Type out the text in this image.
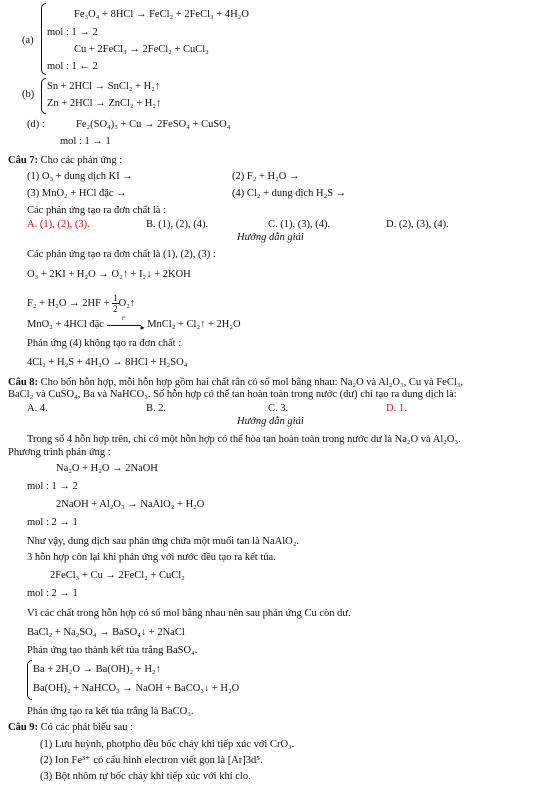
(a)
Fe₃O₄ + 8HCl → FeCl₂ + 2FeCl₃ + 4H₂O
mol : 1 → 2
Cu + 2FeCl₃ → 2FeCl₂ + CuCl₂
mol : 1 ← 2
(b)
Sn + 2HCl → SnCl₂ + H₂↑
Zn + 2HCl → ZnCl₂ + H₂↑
(d) :	Fe₂(SO₄)₃ + Cu → 2FeSO₄ + CuSO₄
mol : 1 → 1
Câu 7: Cho các phản ứng :
(1) O₃ + dung dịch KI →	(2) F₂ + H₂O →
(3) MnO₂ + HCl đặc →	(4) Cl₂ + dung dịch H₂S →
Các phản ứng tạo ra đơn chất là :
A. (1), (2), (3).	B. (1), (2), (4).	C. (1), (3), (4).	D. (2), (3), (4).
Hướng dẫn giải
Các phản ứng tạo ra đơn chất là (1), (2), (3) :
O₃ + 2KI + H₂O → O₂↑ + I₂↓ + 2KOH
$F_2 + H_2O \to 2HF + \frac{1}{2}$ O₂↑
MnO₂ + 4HCl đặc	▸
t°
MnCl₂ + Cl₂↑ + 2H₂O
Phản ứng (4) không tạo ra đơn chất :
4Cl₂ + H₂S + 4H₂O → 8HCl + H₂SO₄
Câu 8: Cho bốn hỗn hợp, mỗi hỗn hợp gồm hai chất rắn có số mol bằng nhau: Na₂O và Al₂O₃, Cu và FeCl₃,
BaCl₂ và CuSO₄, Ba và NaHCO₃. Số hỗn hợp có thể tan hoàn toàn trong nước (dư) chỉ tạo ra dung dịch là:
A. 4.	B. 2.	C. 3.	D. 1.
Hướng dẫn giải
Trong số 4 hỗn hợp trên, chỉ có một hỗn hợp có thể hòa tan hoàn toàn trong nước dư là Na₂O và Al₂O₃.
Phương trình phản ứng :
Na₂O + H₂O → 2NaOH
mol : 1 → 2
2NaOH + Al₂O₃ → NaAlO₂ + H₂O
mol : 2 → 1
Như vậy, dung dịch sau phản ứng chứa một muối tan là NaAlO₂.
3 hỗn hợp còn lại khi phản ứng với nước đều tạo ra kết tủa.
2FeCl₃ + Cu → 2FeCl₂ + CuCl₂
mol : 2 → 1
Vì các chất trong hỗn hợp có số mol bằng nhau nên sau phản ứng Cu còn dư.
BaCl₂ + Na₂SO₄ → BaSO₄↓ + 2NaCl
Phản ứng tạo thành kết tủa trắng BaSO₄.
Ba + 2H₂O → Ba(OH)₂ + H₂↑
Ba(OH)₂ + NaHCO₃ → NaOH + BaCO₃↓ + H₂O
Phản ứng tạo ra kết tủa trắng là BaCO₃.
Câu 9: Có các phát biểu sau :
(1) Lưu huỳnh, photpho đều bốc cháy khi tiếp xúc với CrO₃.
(2) Ion Fe³⁺ có cấu hình electron viết gọn là [Ar]3d⁵.
(3) Bột nhôm tự bốc cháy khi tiếp xúc với khí clo.
